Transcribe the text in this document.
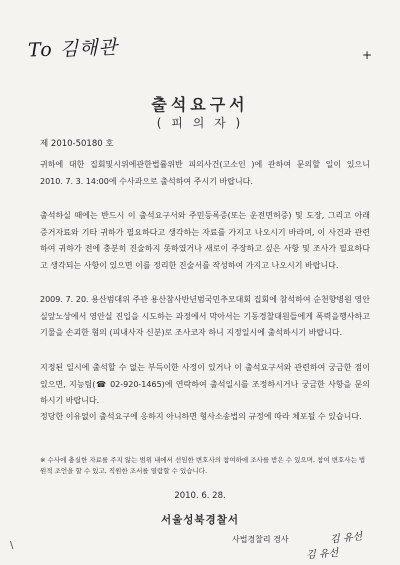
To 김해관	+
출석요구서
( 피 의 자 )
제 2010-50180 호

귀하에 대한 집회및시위에관한법률위반 피의사건(고소인 )에 관하여 문의할 일이 있으니 2010. 7. 3. 14:00에 수사과으로 출석하여 주시기 바랍니다.

출석하실 때에는 반드시 이 출석요구서와 주민등록증(또는 운전면허증) 및 도장, 그리고 아래 증거자료와 기타 귀하가 필요하다고 생각하는 자료를 가지고 나오시기 바라며, 이 사건과 관련하여 귀하가 전에 충분히 진술하지 못하였거나 새로이 주장하고 싶은 사항 및 조사가 필요하다고 생각되는 사항이 있으면 이를 정리한 진술서를 작성하여 가지고 나오시기 바랍니다.

2009. 7. 20. 용산범대위 주관 용산참사반년범국민추모대회 집회에 참석하여 순천향병원 영안실앞노상에서 영안실 진입을 시도하는 과정에서 막아서는 기동경찰대원들에게 폭력을행사하고 기물을 손괴한 혐의 (피내사자 신분)로 조사코자 하니 지정일시에 출석하시기 바랍니다.

지정된 일시에 출석할 수 없는 부득이한 사정이 있거나 이 출석요구서와 관련하여 궁금한 점이 있으면, 지능팀(☎ 02-920-1465)에 연락하여 출석일시를 조정하시거나 궁금한 사항을 문의하시기 바랍니다.

정당한 이유없이 출석요구에 응하지 아니하면 형사소송법의 규정에 따라 체포될 수 있습니다.

※ 수사에 충실한 자료를 주지 않는 범위 내에서 선임한 변호사의 참여하에 조사를 받은 수 있으며, 참여 변호사는 법원적 조언을 할 수 있고, 직원한 조서를 열람할 수 있습니다.

2010. 6. 28.
서울성북경찰서
사법경찰리 경사	김 유선
김 유선
\
